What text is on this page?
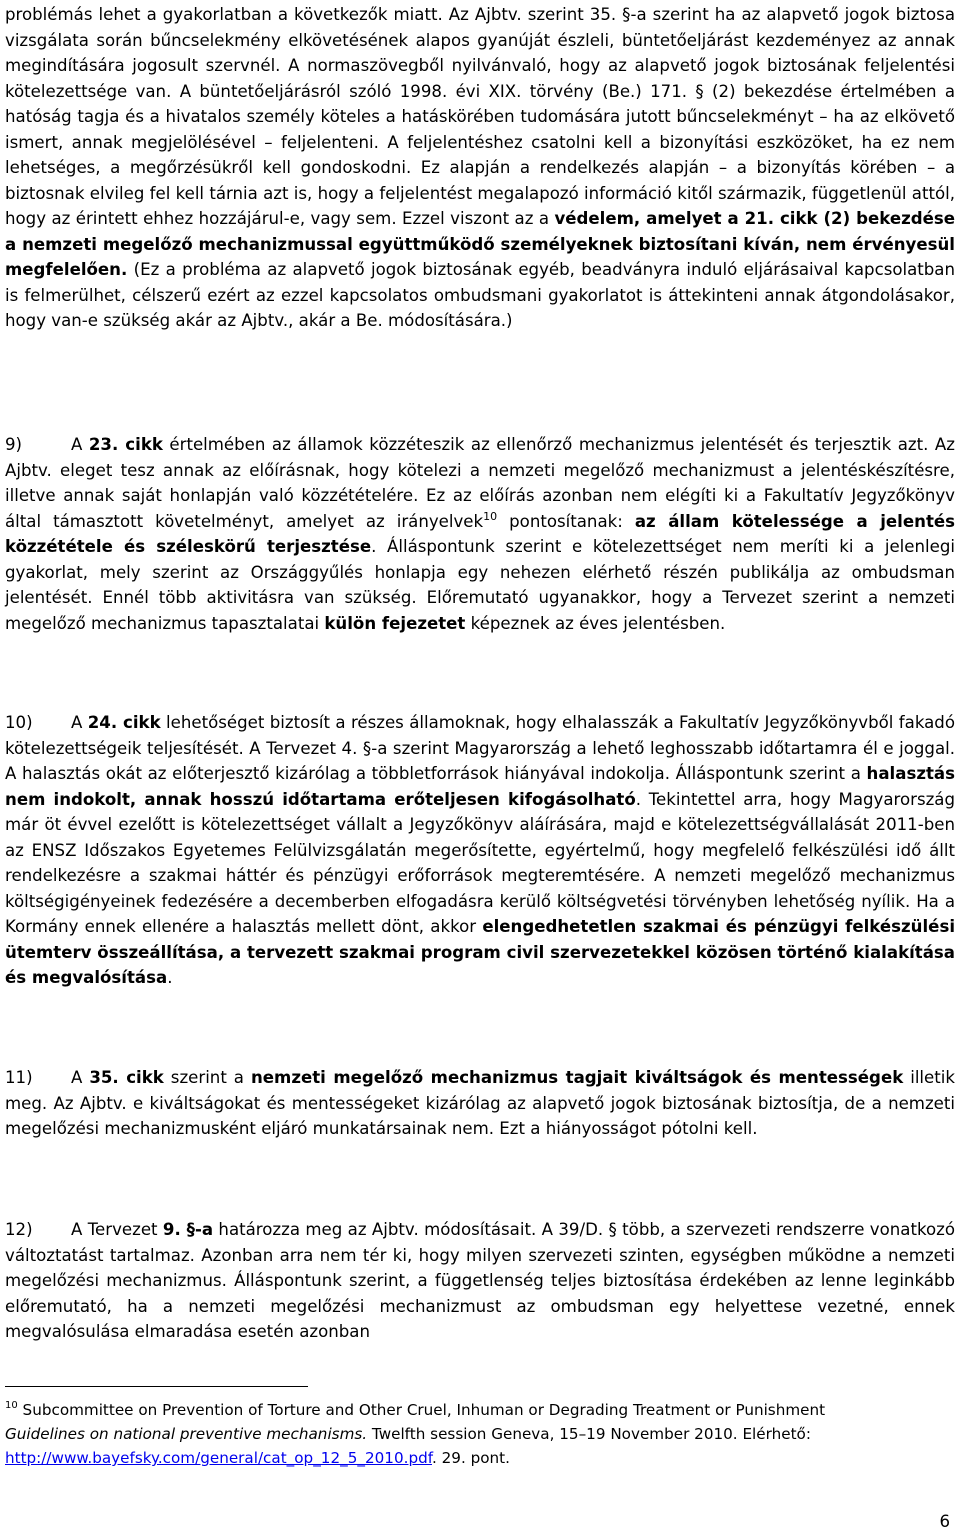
problémás lehet a gyakorlatban a következők miatt. Az Ajbtv. szerint 35. §-a szerint ha az alapvető jogok biztosa vizsgálata során bűncselekmény elkövetésének alapos gyanúját észleli, büntetőeljárást kezdeményez az annak megindítására jogosult szervnél. A normaszövegből nyilvánvaló, hogy az alapvető jogok biztosának feljelentési kötelezettsége van. A büntetőeljárásról szóló 1998. évi XIX. törvény (Be.) 171. § (2) bekezdése értelmében a hatóság tagja és a hivatalos személy köteles a hatáskörében tudomására jutott bűncselekményt – ha az elkövető ismert, annak megjelölésével – feljelenteni. A feljelentéshez csatolni kell a bizonyítási eszközöket, ha ez nem lehetséges, a megőrzésükről kell gondoskodni. Ez alapján a rendelkezés alapján – a bizonyítás körében – a biztosnak elvileg fel kell tárnia azt is, hogy a feljelentést megalapozó információ kitől származik, függetlenül attól, hogy az érintett ehhez hozzájárul-e, vagy sem. Ezzel viszont az a védelem, amelyet a 21. cikk (2) bekezdése a nemzeti megelőző mechanizmussal együttműködő személyeknek biztosítani kíván, nem érvényesül megfelelően. (Ez a probléma az alapvető jogok biztosának egyéb, beadványra induló eljárásaival kapcsolatban is felmerülhet, célszerű ezért az ezzel kapcsolatos ombudsmani gyakorlatot is áttekinteni annak átgondolásakor, hogy van-e szükség akár az Ajbtv., akár a Be. módosítására.)

9)	A 23. cikk értelmében az államok közzéteszik az ellenőrző mechanizmus jelentését és terjesztik azt. Az Ajbtv. eleget tesz annak az előírásnak, hogy kötelezi a nemzeti megelőző mechanizmust a jelentéskészítésre, illetve annak saját honlapján való közzétételére. Ez az előírás azonban nem elégíti ki a Fakultatív Jegyzőkönyv által támasztott követelményt, amelyet az irányelvek$^{10}$ pontosítanak: az állam kötelessége a jelentés közzététele és széleskörű terjesztése. Álláspontunk szerint e kötelezettséget nem meríti ki a jelenlegi gyakorlat, mely szerint az Országgyűlés honlapja egy nehezen elérhető részén publikálja az ombudsman jelentését. Ennél több aktivitásra van szükség. Előremutató ugyanakkor, hogy a Tervezet szerint a nemzeti megelőző mechanizmus tapasztalatai külön fejezetet képeznek az éves jelentésben.

10) A 24. cikk lehetőséget biztosít a részes államoknak, hogy elhalasszák a Fakultatív Jegyzőkönyvből fakadó kötelezettségeik teljesítését. A Tervezet 4. §-a szerint Magyarország a lehető leghosszabb időtartamra él e joggal. A halasztás okát az előterjesztő kizárólag a többletforrások hiányával indokolja. Álláspontunk szerint a halasztás nem indokolt, annak hosszú időtartama erőteljesen kifogásolható. Tekintettel arra, hogy Magyarország már öt évvel ezelőtt is kötelezettséget vállalt a Jegyzőkönyv aláírására, majd e kötelezettségvállalását 2011-ben az ENSZ Időszakos Egyetemes Felülvizsgálatán megerősítette, egyértelmű, hogy megfelelő felkészülési idő állt rendelkezésre a szakmai háttér és pénzügyi erőforrások megteremtésére. A nemzeti megelőző mechanizmus költségigényeinek fedezésére a decemberben elfogadásra kerülő költségvetési törvényben lehetőség nyílik. Ha a Kormány ennek ellenére a halasztás mellett dönt, akkor elengedhetetlen szakmai és pénzügyi felkészülési ütemterv összeállítása, a tervezett szakmai program civil szervezetekkel közösen történő kialakítása és megvalósítása.

11) A 35. cikk szerint a nemzeti megelőző mechanizmus tagjait kiváltságok és mentességek illetik meg. Az Ajbtv. e kiváltságokat és mentességeket kizárólag az alapvető jogok biztosának biztosítja, de a nemzeti megelőzési mechanizmusként eljáró munkatársainak nem. Ezt a hiányosságot pótolni kell.

12) A Tervezet 9. §-a határozza meg az Ajbtv. módosításait. A 39/D. § több, a szervezeti rendszerre vonatkozó változtatást tartalmaz. Azonban arra nem tér ki, hogy milyen szervezeti szinten, egységben működne a nemzeti megelőzési mechanizmus. Álláspontunk szerint, a függetlenség teljes biztosítása érdekében az lenne leginkább előremutató, ha a nemzeti megelőzési mechanizmust az ombudsman egy helyettese vezetné, ennek megvalósulása elmaradása esetén azonban

$^{10}$ Subcommittee on Prevention of Torture and Other Cruel, Inhuman or Degrading Treatment or Punishment
Guidelines on national preventive mechanisms. Twelfth session Geneva, 15–19 November 2010. Elérhető:
http://www.bayefsky.com/general/cat_op_12_5_2010.pdf. 29. pont.
6
